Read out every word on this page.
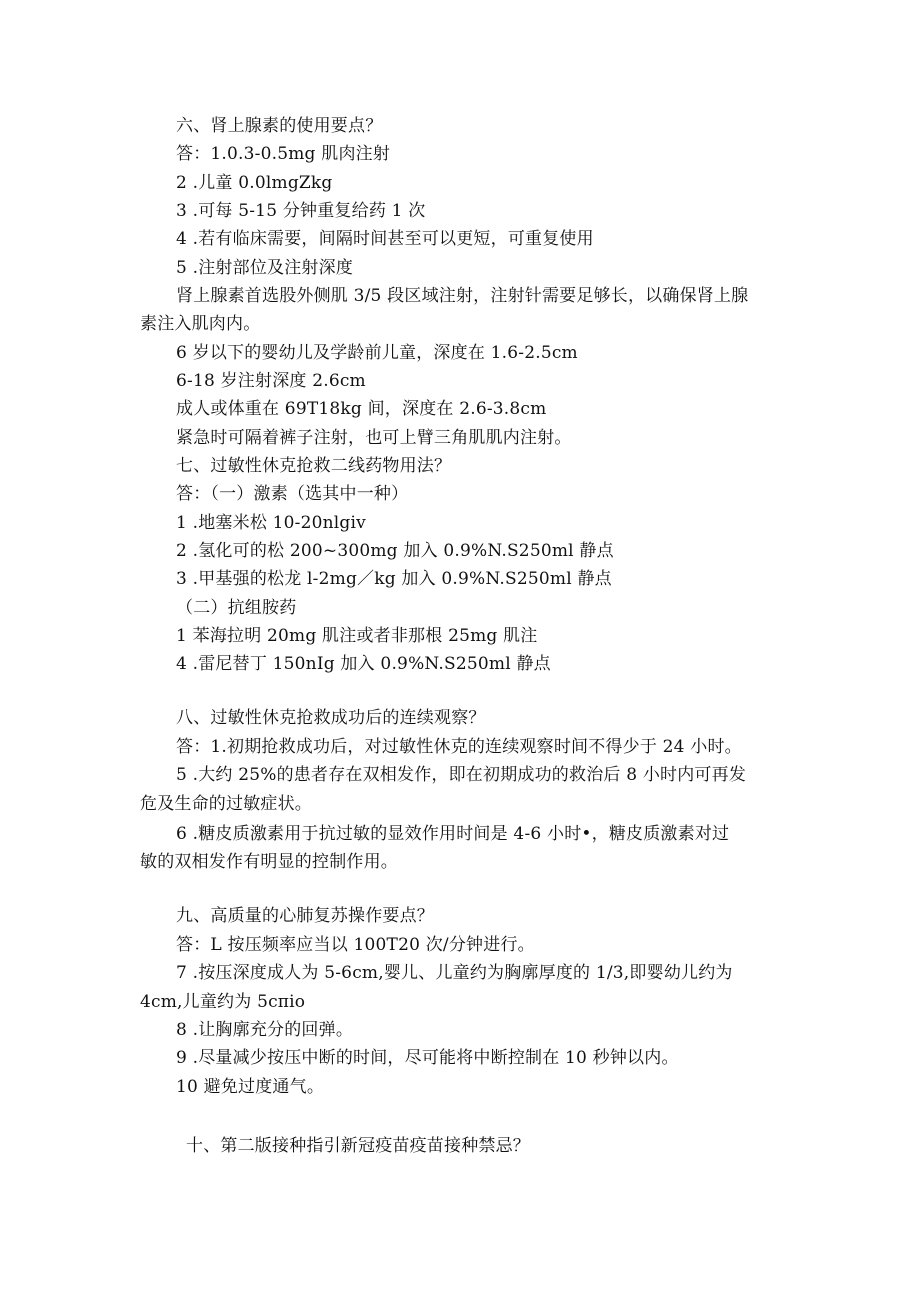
六、肾上腺素的使用要点？
答：1.0.3-0.5mg 肌肉注射
2 .儿童 0.0lmgZkg
3 .可每 5-15 分钟重复给药 1 次
4 .若有临床需要，间隔时间甚至可以更短，可重复使用
5 .注射部位及注射深度
肾上腺素首选股外侧肌 3/5 段区域注射，注射针需要足够长，以确保肾上腺
素注入肌肉内。
6 岁以下的婴幼儿及学龄前儿童，深度在 1.6-2.5cm
6-18 岁注射深度 2.6cm
成人或体重在 69T18kg 间，深度在 2.6-3.8cm
紧急时可隔着裤子注射，也可上臂三角肌肌内注射。
七、过敏性休克抢救二线药物用法？
答：（一）激素（选其中一种）
1 .地塞米松 10-20nlgiv
2 .氢化可的松 200~300mg 加入 0.9%N.S250ml 静点
3 .甲基强的松龙 l-2mg／kg 加入 0.9%N.S250ml 静点
（二）抗组胺药
1 苯海拉明 20mg 肌注或者非那根 25mg 肌注
4 .雷尼替丁 150nIg 加入 0.9%N.S250ml 静点
八、过敏性休克抢救成功后的连续观察？
答：1.初期抢救成功后，对过敏性休克的连续观察时间不得少于 24 小时。
5 .大约 25%的患者存在双相发作，即在初期成功的救治后 8 小时内可再发
危及生命的过敏症状。
6 .糖皮质激素用于抗过敏的显效作用时间是 4-6 小时•，糖皮质激素对过
敏的双相发作有明显的控制作用。
九、高质量的心肺复苏操作要点？
答：L 按压频率应当以 100T20 次/分钟进行。
7 .按压深度成人为 5-6cm,婴儿、儿童约为胸廓厚度的 1/3,即婴幼儿约为
4cm,儿童约为 5cπio
8 .让胸廓充分的回弹。
9 .尽量减少按压中断的时间，尽可能将中断控制在 10 秒钟以内。
10 避免过度通气。
十、第二版接种指引新冠疫苗疫苗接种禁忌？
